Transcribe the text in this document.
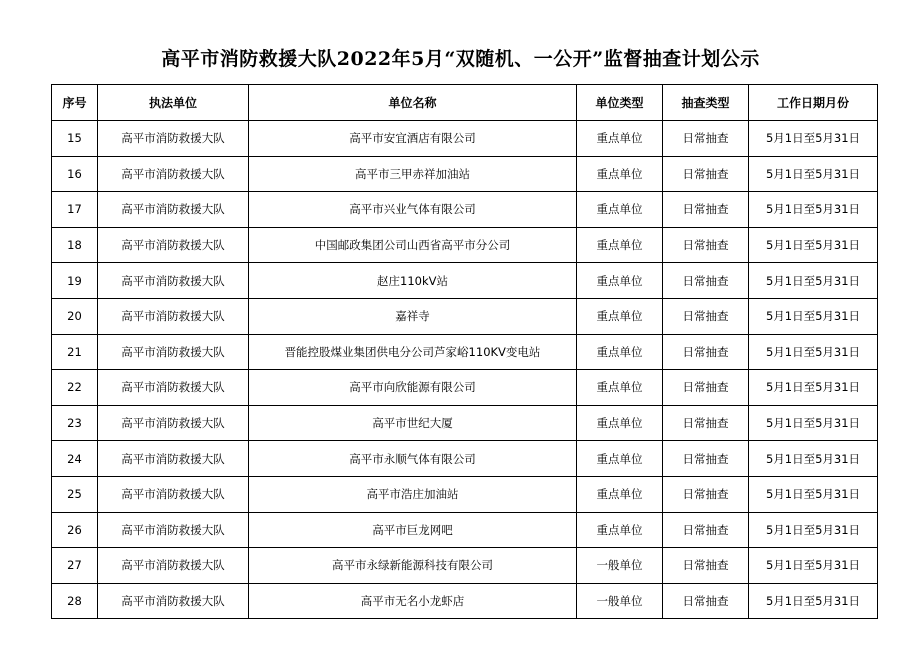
高平市消防救援大队2022年5月“双随机、一公开”监督抽查计划公示
序号	执法单位	单位名称	单位类型	抽查类型	工作日期月份
15	高平市消防救援大队	高平市安宜酒店有限公司	重点单位	日常抽查	5月1日至5月31日
16	高平市消防救援大队	高平市三甲赤祥加油站	重点单位	日常抽查	5月1日至5月31日
17	高平市消防救援大队	高平市兴业气体有限公司	重点单位	日常抽查	5月1日至5月31日
18	高平市消防救援大队	中国邮政集团公司山西省高平市分公司	重点单位	日常抽查	5月1日至5月31日
19	高平市消防救援大队	赵庄110kV站	重点单位	日常抽查	5月1日至5月31日
20	高平市消防救援大队	嘉祥寺	重点单位	日常抽查	5月1日至5月31日
21	高平市消防救援大队	晋能控股煤业集团供电分公司芦家峪110KV变电站	重点单位	日常抽查	5月1日至5月31日
22	高平市消防救援大队	高平市向欣能源有限公司	重点单位	日常抽查	5月1日至5月31日
23	高平市消防救援大队	高平市世纪大厦	重点单位	日常抽查	5月1日至5月31日
24	高平市消防救援大队	高平市永顺气体有限公司	重点单位	日常抽查	5月1日至5月31日
25	高平市消防救援大队	高平市浩庄加油站	重点单位	日常抽查	5月1日至5月31日
26	高平市消防救援大队	高平市巨龙网吧	重点单位	日常抽查	5月1日至5月31日
27	高平市消防救援大队	高平市永绿新能源科技有限公司	一般单位	日常抽查	5月1日至5月31日
28	高平市消防救援大队	高平市无名小龙虾店	一般单位	日常抽查	5月1日至5月31日
